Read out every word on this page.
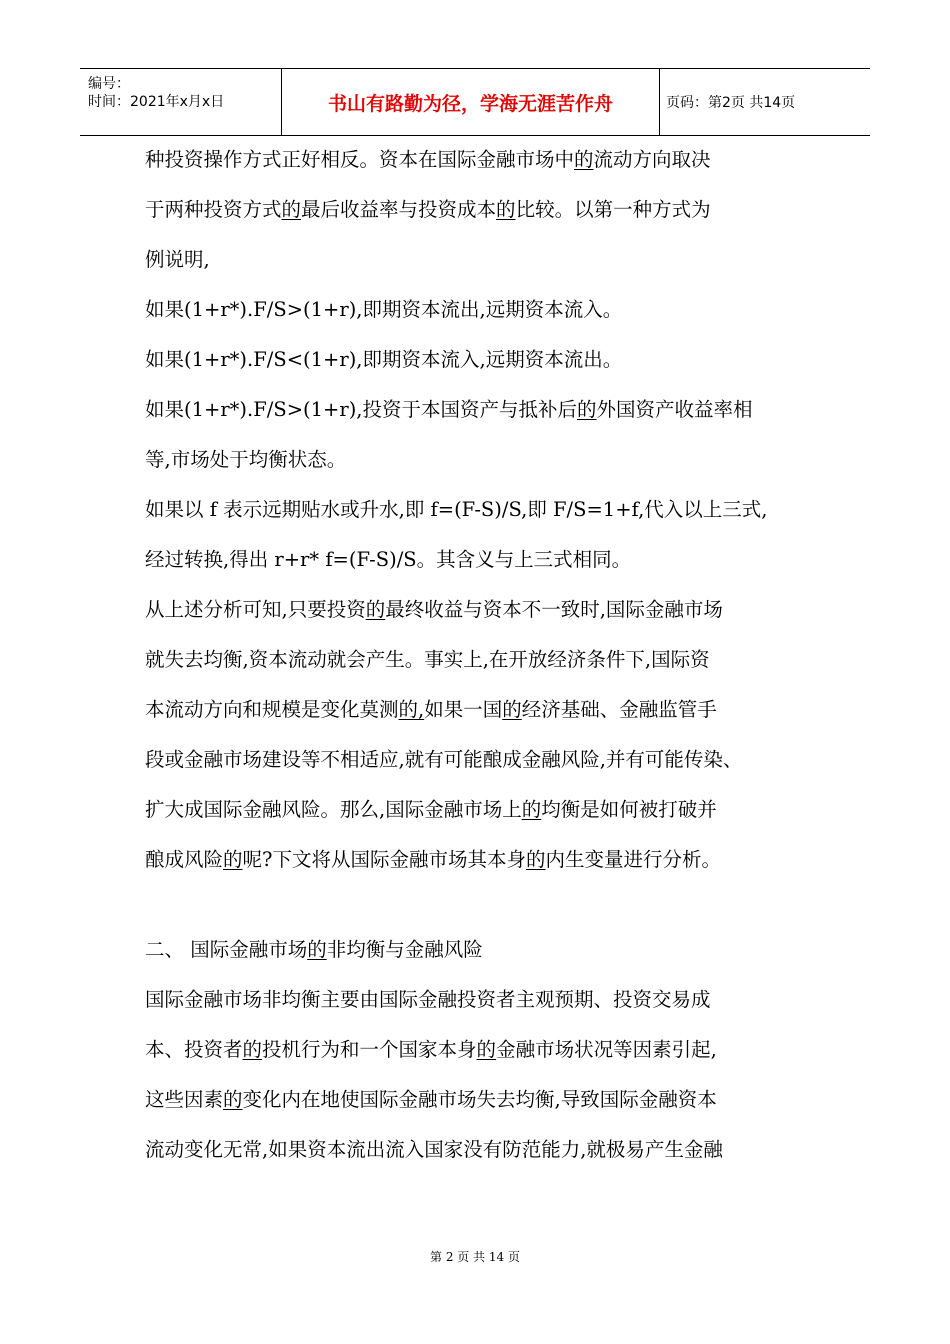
编号：
时间：2021年x月x日	书山有路勤为径，学海无涯苦作舟	页码：第2页 共14页
种投资操作方式正好相反。资本在国际金融市场中的流动方向取决
于两种投资方式的最后收益率与投资成本的比较。以第一种方式为
例说明,
如果(1+r*).F/S>(1+r),即期资本流出,远期资本流入。
如果(1+r*).F/S<(1+r),即期资本流入,远期资本流出。
如果(1+r*).F/S>(1+r),投资于本国资产与抵补后的外国资产收益率相
等,市场处于均衡状态。
如果以 f 表示远期贴水或升水,即 f=(F-S)/S,即 F/S=1+f,代入以上三式,
经过转换,得出 r+r* f=(F-S)/S。其含义与上三式相同。
从上述分析可知,只要投资的最终收益与资本不一致时,国际金融市场
就失去均衡,资本流动就会产生。事实上,在开放经济条件下,国际资
本流动方向和规模是变化莫测的,如果一国的经济基础、金融监管手
段或金融市场建设等不相适应,就有可能酿成金融风险,并有可能传染、
扩大成国际金融风险。那么,国际金融市场上的均衡是如何被打破并
酿成风险的呢?下文将从国际金融市场其本身的内生变量进行分析。
二、 国际金融市场的非均衡与金融风险
国际金融市场非均衡主要由国际金融投资者主观预期、投资交易成
本、投资者的投机行为和一个国家本身的金融市场状况等因素引起,
这些因素的变化内在地使国际金融市场失去均衡,导致国际金融资本
流动变化无常,如果资本流出流入国家没有防范能力,就极易产生金融
第 2 页 共 14 页
